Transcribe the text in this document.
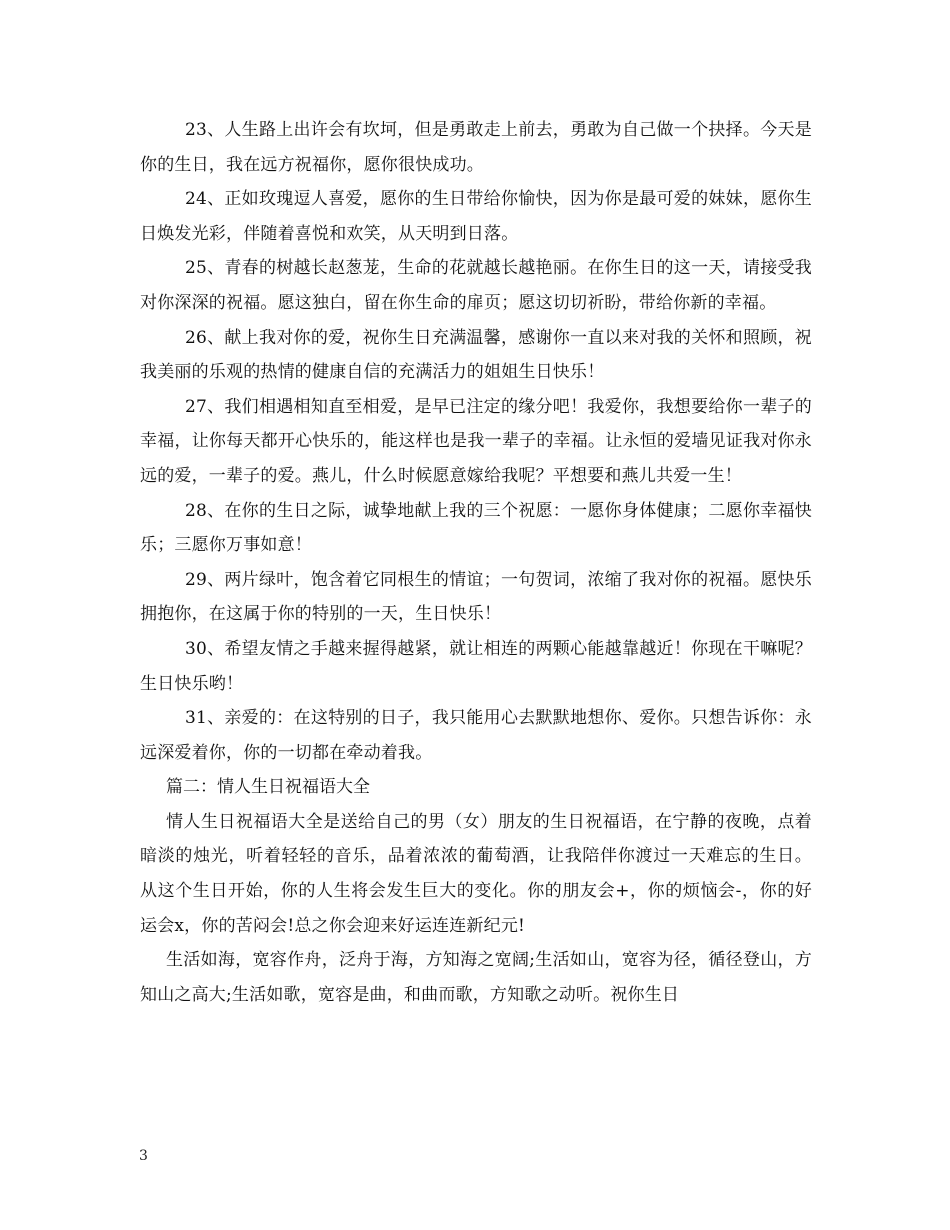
23、人生路上出许会有坎坷，但是勇敢走上前去，勇敢为自己做一个抉择。今天是你的生日，我在远方祝福你，愿你很快成功。

24、正如玫瑰逗人喜爱，愿你的生日带给你愉快，因为你是最可爱的妹妹，愿你生日焕发光彩，伴随着喜悦和欢笑，从天明到日落。

25、青春的树越长赵葱茏，生命的花就越长越艳丽。在你生日的这一天，请接受我对你深深的祝福。愿这独白，留在你生命的扉页；愿这切切祈盼，带给你新的幸福。

26、献上我对你的爱，祝你生日充满温馨，感谢你一直以来对我的关怀和照顾，祝我美丽的乐观的热情的健康自信的充满活力的姐姐生日快乐！

27、我们相遇相知直至相爱，是早已注定的缘分吧！我爱你，我想要给你一辈子的幸福，让你每天都开心快乐的，能这样也是我一辈子的幸福。让永恒的爱墙见证我对你永远的爱，一辈子的爱。燕儿，什么时候愿意嫁给我呢？平想要和燕儿共爱一生！

28、在你的生日之际，诚挚地献上我的三个祝愿：一愿你身体健康；二愿你幸福快乐；三愿你万事如意！

29、两片绿叶，饱含着它同根生的情谊；一句贺词，浓缩了我对你的祝福。愿快乐拥抱你，在这属于你的特别的一天，生日快乐！

30、希望友情之手越来握得越紧，就让相连的两颗心能越靠越近！你现在干嘛呢？生日快乐哟！

31、亲爱的：在这特别的日子，我只能用心去默默地想你、爱你。只想告诉你：永远深爱着你，你的一切都在牵动着我。

篇二：情人生日祝福语大全

情人生日祝福语大全是送给自己的男（女）朋友的生日祝福语，在宁静的夜晚，点着暗淡的烛光，听着轻轻的音乐，品着浓浓的葡萄酒，让我陪伴你渡过一天难忘的生日。 从这个生日开始，你的人生将会发生巨大的变化。你的朋友会+，你的烦恼会-，你的好运会x，你的苦闷会!总之你会迎来好运连连新纪元!

生活如海，宽容作舟，泛舟于海，方知海之宽阔;生活如山，宽容为径，循径登山，方知山之高大;生活如歌，宽容是曲，和曲而歌，方知歌之动听。祝你生日

3
